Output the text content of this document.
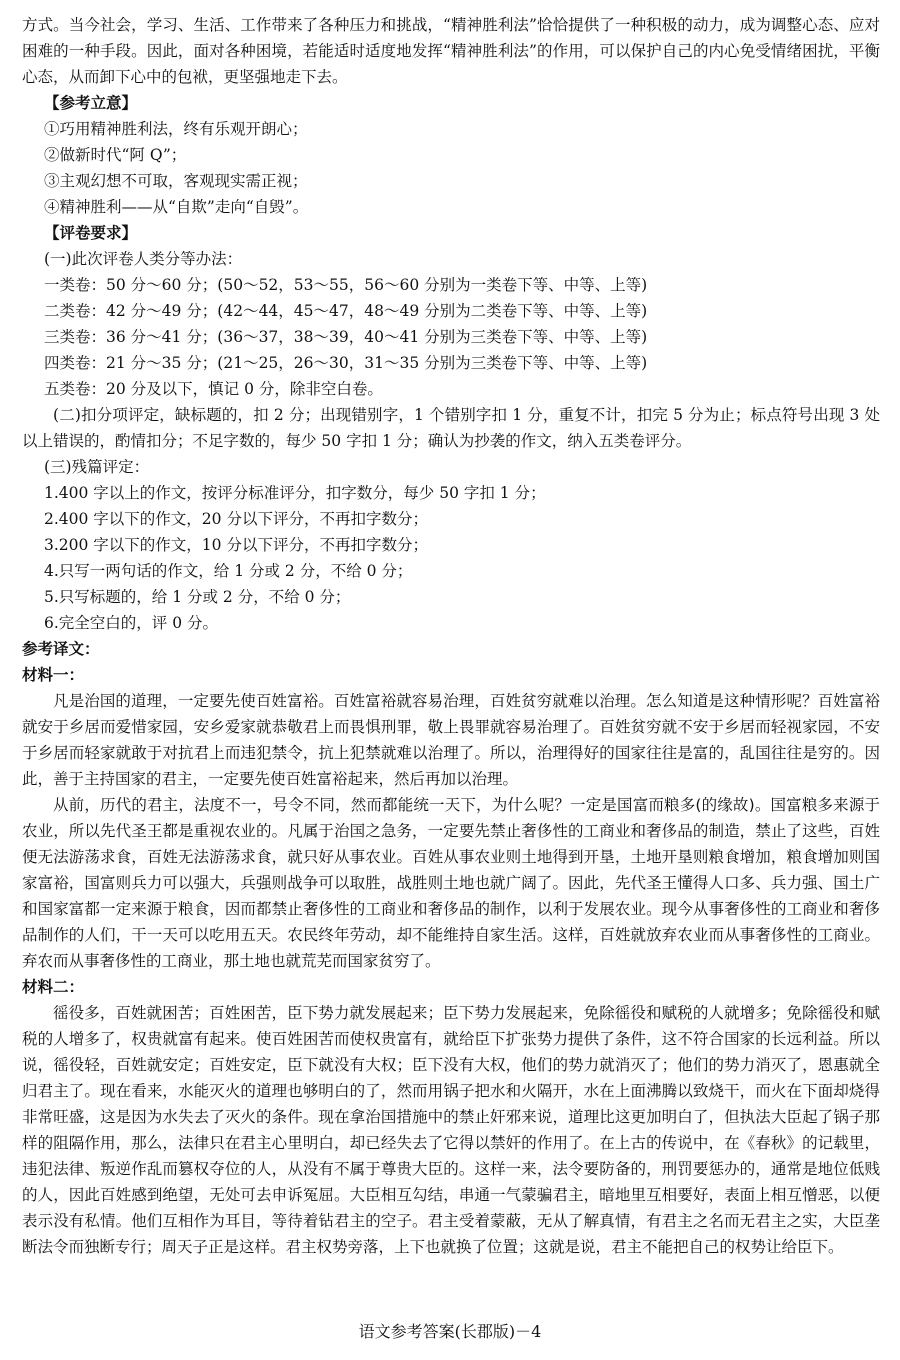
方式。当今社会，学习、生活、工作带来了各种压力和挑战，“精神胜利法”恰恰提供了一种积极的动力，成为调整心态、应对困难的一种手段。因此，面对各种困境，若能适时适度地发挥“精神胜利法”的作用，可以保护自己的内心免受情绪困扰，平衡心态，从而卸下心中的包袱，更坚强地走下去。

【参考立意】

①巧用精神胜利法，终有乐观开朗心；

②做新时代“阿 Q”；

③主观幻想不可取，客观现实需正视；

④精神胜利——从“自欺”走向“自毁”。

【评卷要求】

(一)此次评卷人类分等办法：

一类卷：50 分～60 分；(50～52，53～55，56～60 分别为一类卷下等、中等、上等)

二类卷：42 分～49 分；(42～44，45～47，48～49 分别为二类卷下等、中等、上等)

三类卷：36 分～41 分；(36～37，38～39，40～41 分别为三类卷下等、中等、上等)

四类卷：21 分～35 分；(21～25，26～30，31～35 分别为三类卷下等、中等、上等)

五类卷：20 分及以下，慎记 0 分，除非空白卷。

(二)扣分项评定，缺标题的，扣 2 分；出现错别字，1 个错别字扣 1 分，重复不计，扣完 5 分为止；标点符号出现 3 处以上错误的，酌情扣分；不足字数的，每少 50 字扣 1 分；确认为抄袭的作文，纳入五类卷评分。

(三)残篇评定：

1.400 字以上的作文，按评分标准评分，扣字数分，每少 50 字扣 1 分；

2.400 字以下的作文，20 分以下评分，不再扣字数分；

3.200 字以下的作文，10 分以下评分，不再扣字数分；

4.只写一两句话的作文，给 1 分或 2 分，不给 0 分；

5.只写标题的，给 1 分或 2 分，不给 0 分；

6.完全空白的，评 0 分。

参考译文：

材料一：

凡是治国的道理，一定要先使百姓富裕。百姓富裕就容易治理，百姓贫穷就难以治理。怎么知道是这种情形呢？百姓富裕就安于乡居而爱惜家园，安乡爱家就恭敬君上而畏惧刑罪，敬上畏罪就容易治理了。百姓贫穷就不安于乡居而轻视家园，不安于乡居而轻家就敢于对抗君上而违犯禁令，抗上犯禁就难以治理了。所以，治理得好的国家往往是富的，乱国往往是穷的。因此，善于主持国家的君主，一定要先使百姓富裕起来，然后再加以治理。

从前，历代的君主，法度不一，号令不同，然而都能统一天下，为什么呢？一定是国富而粮多(的缘故)。国富粮多来源于农业，所以先代圣王都是重视农业的。凡属于治国之急务，一定要先禁止奢侈性的工商业和奢侈品的制造，禁止了这些，百姓便无法游荡求食，百姓无法游荡求食，就只好从事农业。百姓从事农业则土地得到开垦，土地开垦则粮食增加，粮食增加则国家富裕，国富则兵力可以强大，兵强则战争可以取胜，战胜则土地也就广阔了。因此，先代圣王懂得人口多、兵力强、国土广和国家富都一定来源于粮食，因而都禁止奢侈性的工商业和奢侈品的制作，以利于发展农业。现今从事奢侈性的工商业和奢侈品制作的人们，干一天可以吃用五天。农民终年劳动，却不能维持自家生活。这样，百姓就放弃农业而从事奢侈性的工商业。弃农而从事奢侈性的工商业，那土地也就荒芜而国家贫穷了。

材料二：

徭役多，百姓就困苦；百姓困苦，臣下势力就发展起来；臣下势力发展起来，免除徭役和赋税的人就增多；免除徭役和赋税的人增多了，权贵就富有起来。使百姓困苦而使权贵富有，就给臣下扩张势力提供了条件，这不符合国家的长远利益。所以说，徭役轻，百姓就安定；百姓安定，臣下就没有大权；臣下没有大权，他们的势力就消灭了；他们的势力消灭了，恩惠就全归君主了。现在看来，水能灭火的道理也够明白的了，然而用锅子把水和火隔开，水在上面沸腾以致烧干，而火在下面却烧得非常旺盛，这是因为水失去了灭火的条件。现在拿治国措施中的禁止奸邪来说，道理比这更加明白了，但执法大臣起了锅子那样的阻隔作用，那么，法律只在君主心里明白，却已经失去了它得以禁奸的作用了。在上古的传说中，在《春秋》的记载里，违犯法律、叛逆作乱而篡权夺位的人，从没有不属于尊贵大臣的。这样一来，法令要防备的，刑罚要惩办的，通常是地位低贱的人，因此百姓感到绝望，无处可去申诉冤屈。大臣相互勾结，串通一气蒙骗君主，暗地里互相要好，表面上相互憎恶，以便表示没有私情。他们互相作为耳目，等待着钻君主的空子。君主受着蒙蔽，无从了解真情，有君主之名而无君主之实，大臣垄断法令而独断专行；周天子正是这样。君主权势旁落，上下也就换了位置；这就是说，君主不能把自己的权势让给臣下。

语文参考答案(长郡版)－4
